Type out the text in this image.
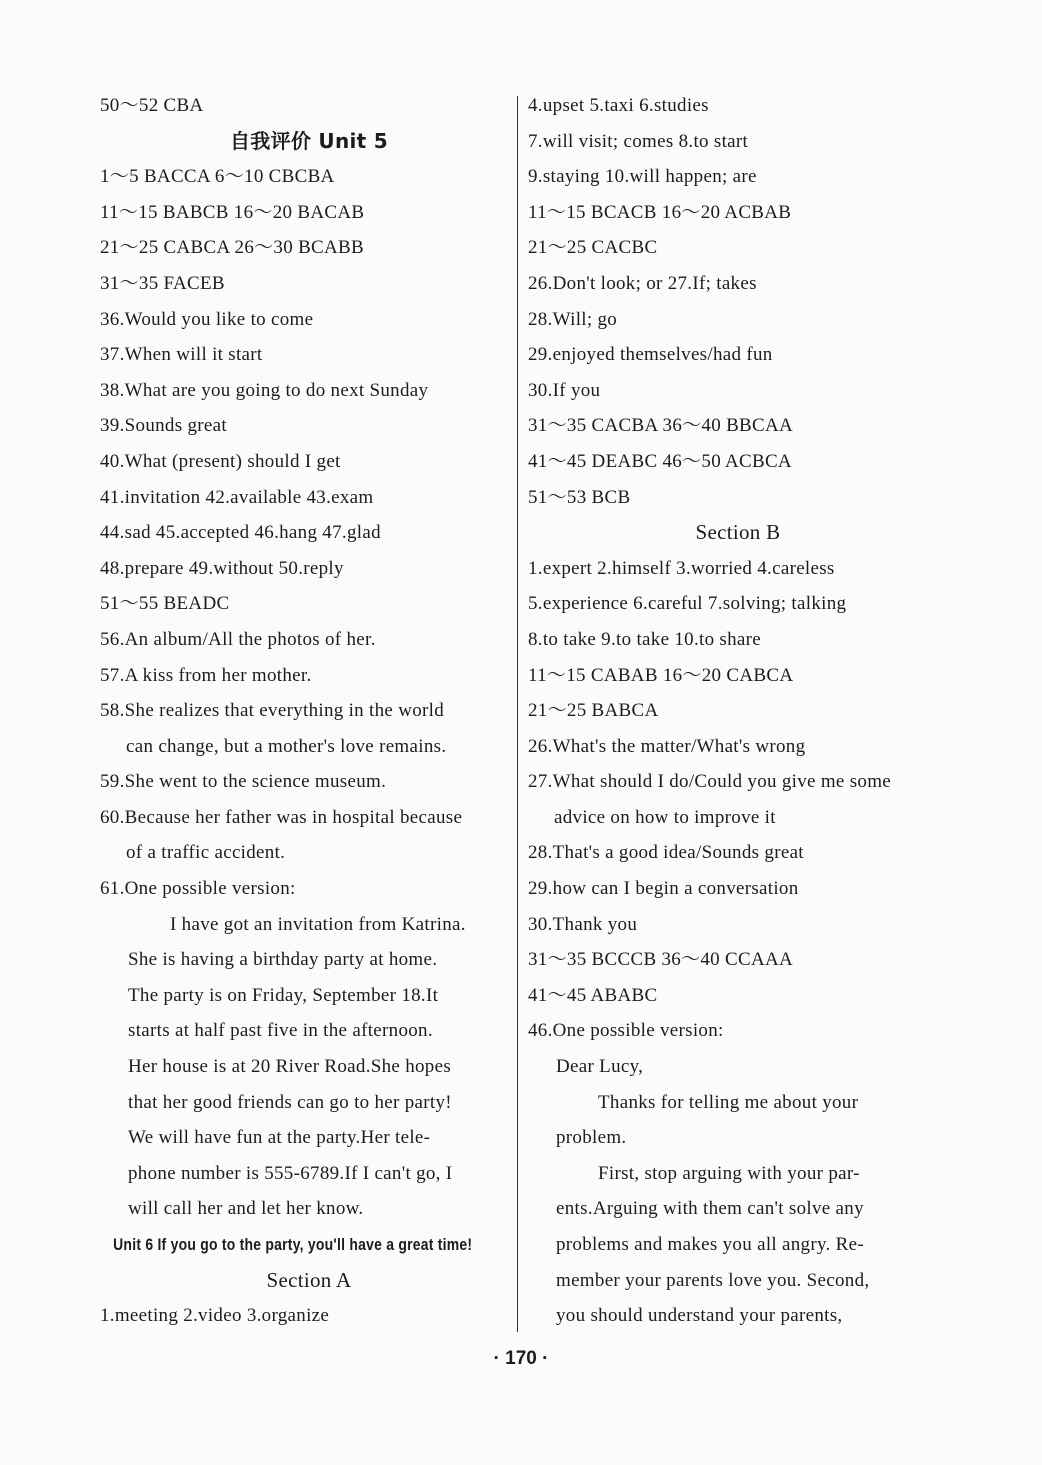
50～52 CBA
自我评价 Unit 5
1～5 BACCA 6～10 CBCBA
11～15 BABCB 16～20 BACAB
21～25 CABCA 26～30 BCABB
31～35 FACEB
36.Would you like to come
37.When will it start
38.What are you going to do next Sunday
39.Sounds great
40.What (present) should I get
41.invitation 42.available 43.exam
44.sad 45.accepted 46.hang 47.glad
48.prepare 49.without 50.reply
51～55 BEADC
56.An album/All the photos of her.
57.A kiss from her mother.
58.She realizes that everything in the world
can change, but a mother's love remains.
59.She went to the science museum.
60.Because her father was in hospital because
of a traffic accident.
61.One possible version:
I have got an invitation from Katrina.
She is having a birthday party at home.
The party is on Friday, September 18.It
starts at half past five in the afternoon.
Her house is at 20 River Road.She hopes
that her good friends can go to her party!
We will have fun at the party.Her tele-
phone number is 555-6789.If I can't go, I
will call her and let her know.
Unit 6 If you go to the party, you'll have a great time!
Section A
1.meeting 2.video 3.organize
4.upset 5.taxi 6.studies
7.will visit; comes 8.to start
9.staying 10.will happen; are
11～15 BCACB 16～20 ACBAB
21～25 CACBC
26.Don't look; or 27.If; takes
28.Will; go
29.enjoyed themselves/had fun
30.If you
31～35 CACBA 36～40 BBCAA
41～45 DEABC 46～50 ACBCA
51～53 BCB
Section B
1.expert 2.himself 3.worried 4.careless
5.experience 6.careful 7.solving; talking
8.to take 9.to take 10.to share
11～15 CABAB 16～20 CABCA
21～25 BABCA
26.What's the matter/What's wrong
27.What should I do/Could you give me some
advice on how to improve it
28.That's a good idea/Sounds great
29.how can I begin a conversation
30.Thank you
31～35 BCCCB 36～40 CCAAA
41～45 ABABC
46.One possible version:
Dear Lucy,
Thanks for telling me about your
problem.
First, stop arguing with your par-
ents.Arguing with them can't solve any
problems and makes you all angry. Re-
member your parents love you. Second,
you should understand your parents,
· 170 ·
